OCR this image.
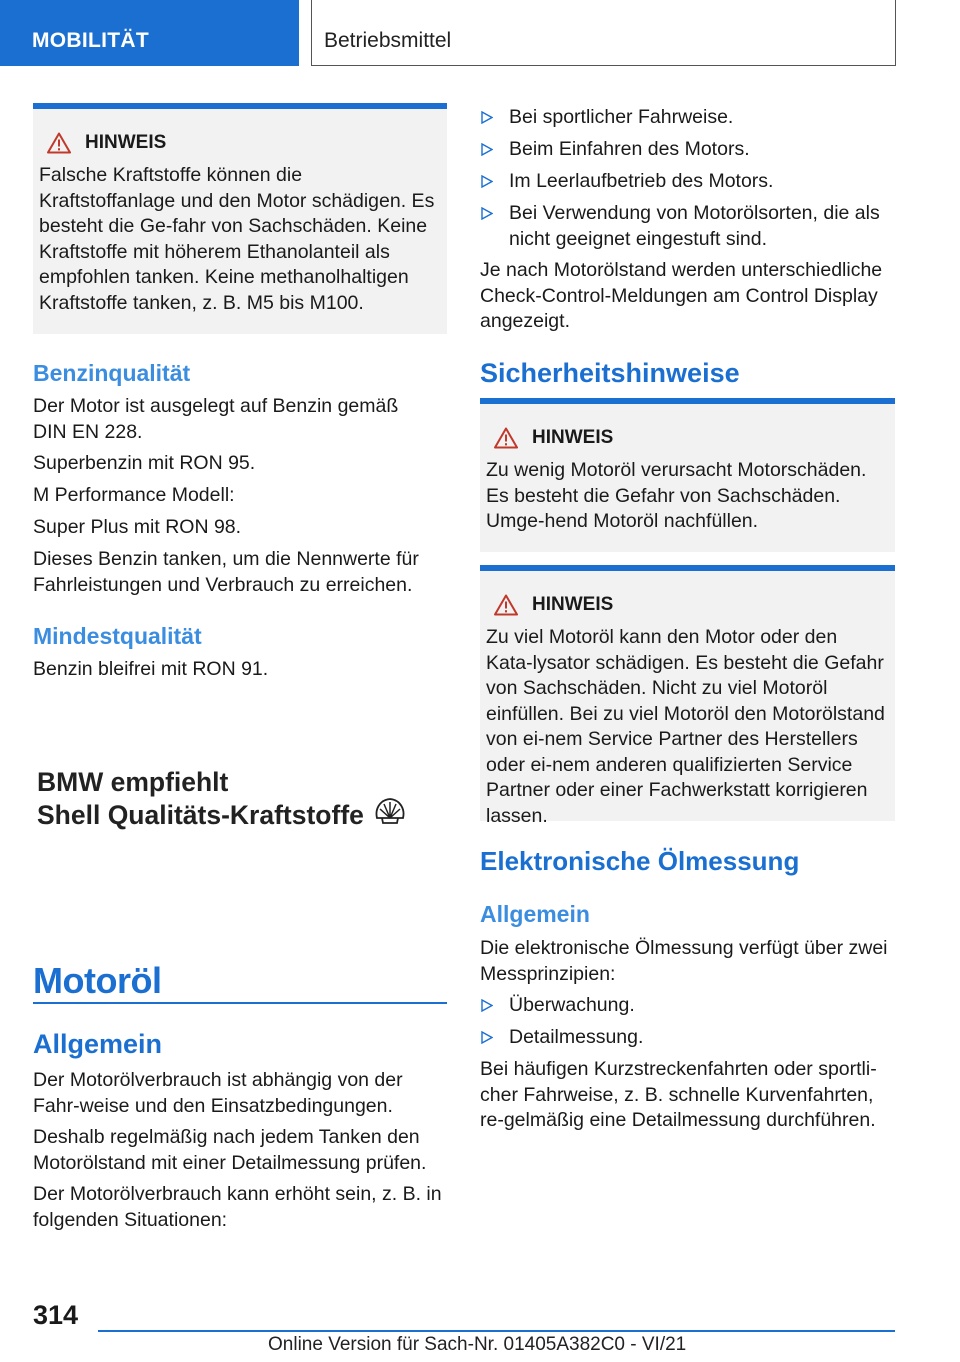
MOBILITÄT	Betriebsmittel
HINWEIS
Falsche Kraftstoffe können die Kraftstoffanlage und den Motor schädigen. Es besteht die Ge-fahr von Sachschäden. Keine Kraftstoffe mit höherem Ethanolanteil als empfohlen tanken. Keine methanolhaltigen Kraftstoffe tanken, z. B. M5 bis M100.
Benzinqualität
Der Motor ist ausgelegt auf Benzin gemäß DIN EN 228.
Superbenzin mit RON 95.
M Performance Modell:
Super Plus mit RON 98.
Dieses Benzin tanken, um die Nennwerte für Fahrleistungen und Verbrauch zu erreichen.
Mindestqualität
Benzin bleifrei mit RON 91.
BMW empfiehlt
Shell Qualitäts-Kraftstoffe
Motoröl
Allgemein
Der Motorölverbrauch ist abhängig von der Fahr-weise und den Einsatzbedingungen.
Deshalb regelmäßig nach jedem Tanken den Motorölstand mit einer Detailmessung prüfen.
Der Motorölverbrauch kann erhöht sein, z. B. in folgenden Situationen:
Bei sportlicher Fahrweise.
Beim Einfahren des Motors.
Im Leerlaufbetrieb des Motors.
Bei Verwendung von Motorölsorten, die als nicht geeignet eingestuft sind.
Je nach Motorölstand werden unterschiedliche Check-Control-Meldungen am Control Display angezeigt.
Sicherheitshinweise
HINWEIS
Zu wenig Motoröl verursacht Motorschäden. Es besteht die Gefahr von Sachschäden. Umge-hend Motoröl nachfüllen.
HINWEIS
Zu viel Motoröl kann den Motor oder den Kata-lysator schädigen. Es besteht die Gefahr von Sachschäden. Nicht zu viel Motoröl einfüllen. Bei zu viel Motoröl den Motorölstand von ei-nem Service Partner des Herstellers oder ei-nem anderen qualifizierten Service Partner oder einer Fachwerkstatt korrigieren lassen.
Elektronische Ölmessung
Allgemein
Die elektronische Ölmessung verfügt über zwei Messprinzipien:
Überwachung.
Detailmessung.
Bei häufigen Kurzstreckenfahrten oder sportli-cher Fahrweise, z. B. schnelle Kurvenfahrten, re-gelmäßig eine Detailmessung durchführen.
314
Online Version für Sach-Nr. 01405A382C0 - VI/21
